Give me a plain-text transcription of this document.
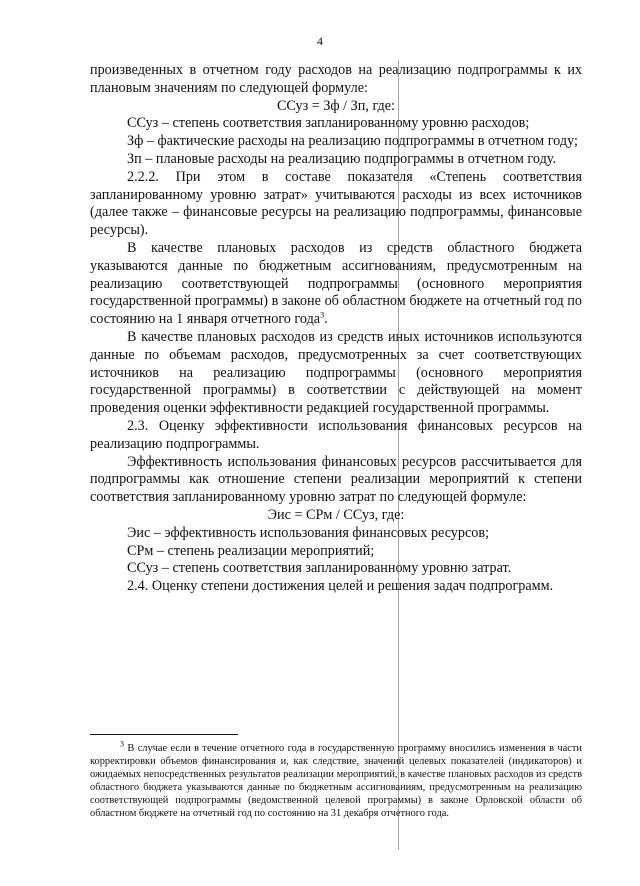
4

произведенных в отчетном году расходов на реализацию подпрограммы к их плановым значениям по следующей формуле:

ССуз = Зф / Зп, где:

ССуз – степень соответствия запланированному уровню расходов;

Зф – фактические расходы на реализацию подпрограммы в отчетном году;

Зп – плановые расходы на реализацию подпрограммы в отчетном году.

2.2.2. При этом в составе показателя «Степень соответствия запланированному уровню затрат» учитываются расходы из всех источников (далее также – финансовые ресурсы на реализацию подпрограммы, финансовые ресурсы).

В качестве плановых расходов из средств областного бюджета указываются данные по бюджетным ассигнованиям, предусмотренным на реализацию соответствующей подпрограммы (основного мероприятия государственной программы) в законе об областном бюджете на отчетный год по состоянию на 1 января отчетного года$^3$.

В качестве плановых расходов из средств иных источников используются данные по объемам расходов, предусмотренных за счет соответствующих источников на реализацию подпрограммы (основного мероприятия государственной программы) в соответствии с действующей на момент проведения оценки эффективности редакцией государственной программы.

2.3. Оценку эффективности использования финансовых ресурсов на реализацию подпрограммы.

Эффективность использования финансовых ресурсов рассчитывается для подпрограммы как отношение степени реализации мероприятий к степени соответствия запланированному уровню затрат по следующей формуле:

Эис = СРм / ССуз, где:

Эис – эффективность использования финансовых ресурсов;

СРм – степень реализации мероприятий;

ССуз – степень соответствия запланированному уровню затрат.

2.4. Оценку степени достижения целей и решения задач подпрограмм.

$^3$ В случае если в течение отчетного года в государственную программу вносились изменения в части корректировки объемов финансирования и, как следствие, значений целевых показателей (индикаторов) и ожидаемых непосредственных результатов реализации мероприятий, в качестве плановых расходов из средств областного бюджета указываются данные по бюджетным ассигнованиям, предусмотренным на реализацию соответствующей подпрограммы (ведомственной целевой программы) в законе Орловской области об областном бюджете на отчетный год по состоянию на 31 декабря отчетного года.
